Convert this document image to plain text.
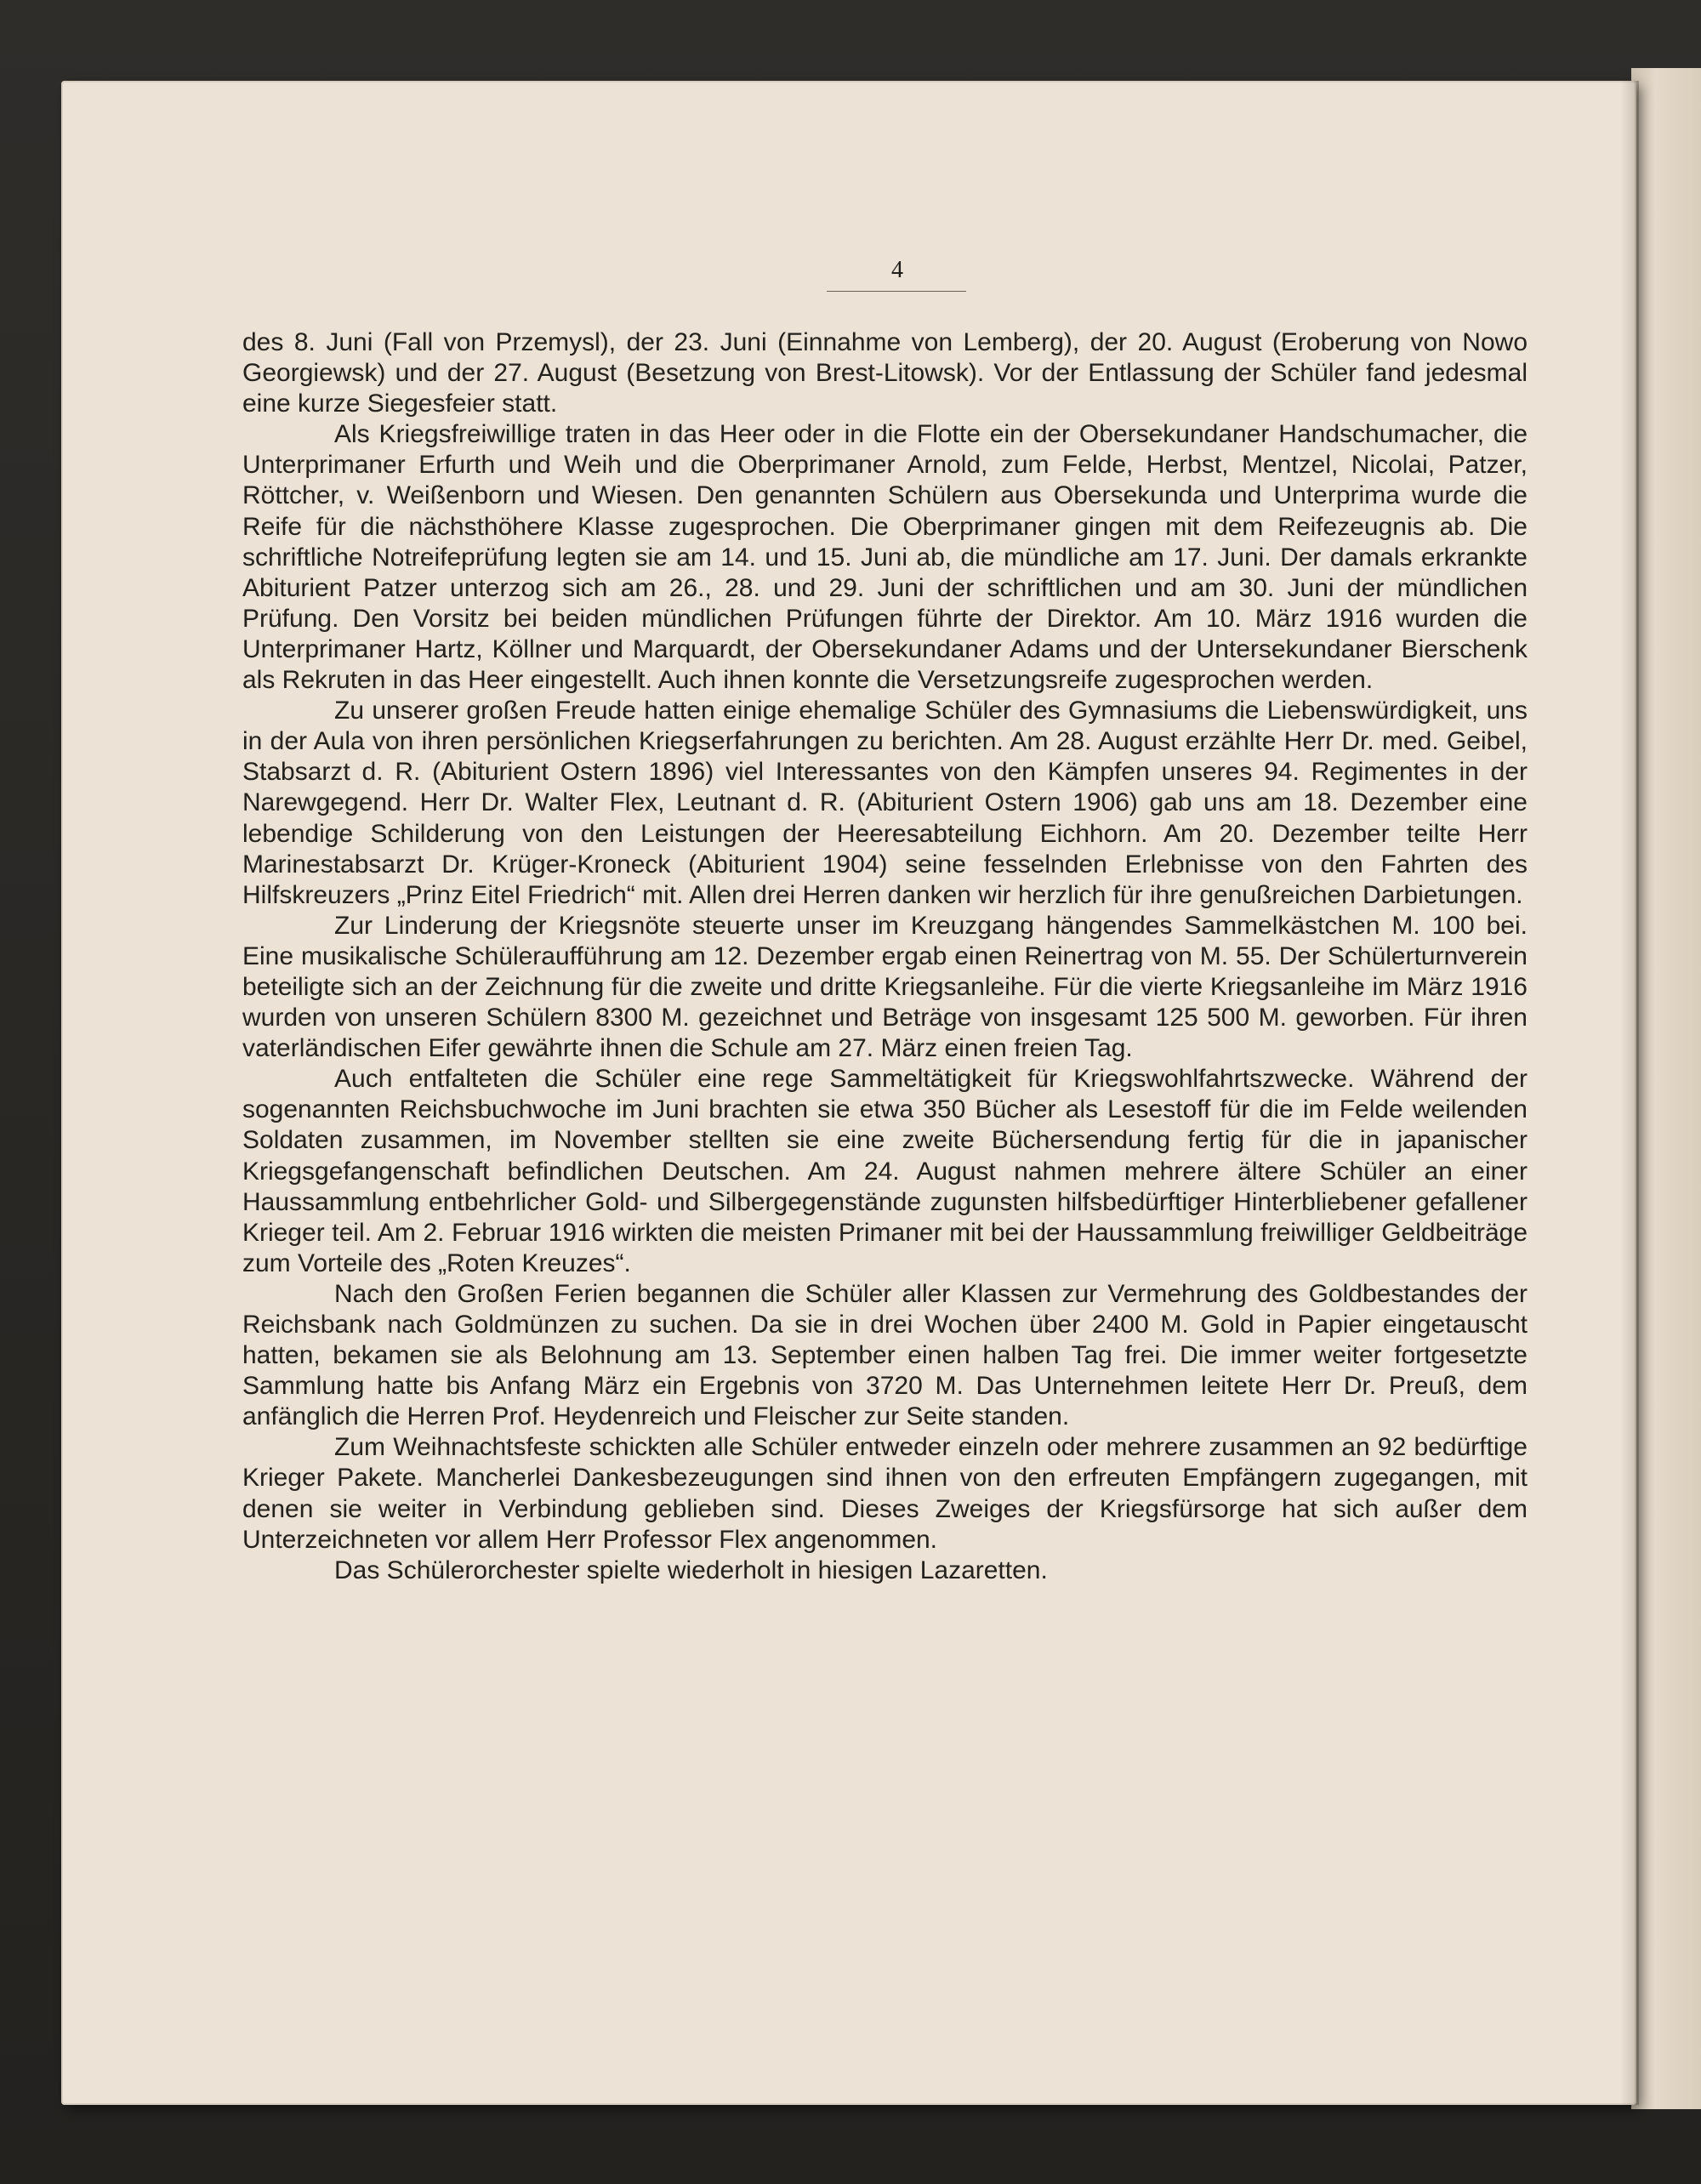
4

des 8. Juni (Fall von Przemysl), der 23. Juni (Einnahme von Lemberg), der 20. August (Eroberung von Nowo Georgiewsk) und der 27. August (Besetzung von Brest-Litowsk). Vor der Entlassung der Schüler fand jedesmal eine kurze Siegesfeier statt.

Als Kriegsfreiwillige traten in das Heer oder in die Flotte ein der Obersekundaner Handschumacher, die Unterprimaner Erfurth und Weih und die Oberprimaner Arnold, zum Felde, Herbst, Mentzel, Nicolai, Patzer, Röttcher, v. Weißenborn und Wiesen. Den genannten Schülern aus Obersekunda und Unterprima wurde die Reife für die nächsthöhere Klasse zugesprochen. Die Oberprimaner gingen mit dem Reifezeugnis ab. Die schriftliche Notreifeprüfung legten sie am 14. und 15. Juni ab, die mündliche am 17. Juni. Der damals erkrankte Abiturient Patzer unterzog sich am 26., 28. und 29. Juni der schriftlichen und am 30. Juni der mündlichen Prüfung. Den Vorsitz bei beiden mündlichen Prüfungen führte der Direktor. Am 10. März 1916 wurden die Unterprimaner Hartz, Köllner und Marquardt, der Obersekundaner Adams und der Untersekundaner Bierschenk als Rekruten in das Heer eingestellt. Auch ihnen konnte die Versetzungsreife zugesprochen werden.

Zu unserer großen Freude hatten einige ehemalige Schüler des Gymnasiums die Liebenswürdigkeit, uns in der Aula von ihren persönlichen Kriegserfahrungen zu berichten. Am 28. August erzählte Herr Dr. med. Geibel, Stabsarzt d. R. (Abiturient Ostern 1896) viel Interessantes von den Kämpfen unseres 94. Regimentes in der Narewgegend. Herr Dr. Walter Flex, Leutnant d. R. (Abiturient Ostern 1906) gab uns am 18. Dezember eine lebendige Schilderung von den Leistungen der Heeresabteilung Eichhorn. Am 20. Dezember teilte Herr Marinestabsarzt Dr. Krüger-Kroneck (Abiturient 1904) seine fesselnden Erlebnisse von den Fahrten des Hilfskreuzers „Prinz Eitel Friedrich“ mit. Allen drei Herren danken wir herzlich für ihre genußreichen Darbietungen.

Zur Linderung der Kriegsnöte steuerte unser im Kreuzgang hängendes Sammelkästchen M. 100 bei. Eine musikalische Schüleraufführung am 12. Dezember ergab einen Reinertrag von M. 55. Der Schülerturnverein beteiligte sich an der Zeichnung für die zweite und dritte Kriegsanleihe. Für die vierte Kriegsanleihe im März 1916 wurden von unseren Schülern 8300 M. gezeichnet und Beträge von insgesamt 125 500 M. geworben. Für ihren vaterländischen Eifer gewährte ihnen die Schule am 27. März einen freien Tag.

Auch entfalteten die Schüler eine rege Sammeltätigkeit für Kriegswohlfahrtszwecke. Während der sogenannten Reichsbuchwoche im Juni brachten sie etwa 350 Bücher als Lesestoff für die im Felde weilenden Soldaten zusammen, im November stellten sie eine zweite Büchersendung fertig für die in japanischer Kriegsgefangenschaft befindlichen Deutschen. Am 24. August nahmen mehrere ältere Schüler an einer Haussammlung entbehrlicher Gold- und Silbergegenstände zugunsten hilfsbedürftiger Hinterbliebener gefallener Krieger teil. Am 2. Februar 1916 wirkten die meisten Primaner mit bei der Haussammlung freiwilliger Geldbeiträge zum Vorteile des „Roten Kreuzes“.

Nach den Großen Ferien begannen die Schüler aller Klassen zur Vermehrung des Goldbestandes der Reichsbank nach Goldmünzen zu suchen. Da sie in drei Wochen über 2400 M. Gold in Papier eingetauscht hatten, bekamen sie als Belohnung am 13. September einen halben Tag frei. Die immer weiter fortgesetzte Sammlung hatte bis Anfang März ein Ergebnis von 3720 M. Das Unternehmen leitete Herr Dr. Preuß, dem anfänglich die Herren Prof. Heydenreich und Fleischer zur Seite standen.

Zum Weihnachtsfeste schickten alle Schüler entweder einzeln oder mehrere zusammen an 92 bedürftige Krieger Pakete. Mancherlei Dankesbezeugungen sind ihnen von den erfreuten Empfängern zugegangen, mit denen sie weiter in Verbindung geblieben sind. Dieses Zweiges der Kriegsfürsorge hat sich außer dem Unterzeichneten vor allem Herr Professor Flex angenommen.

Das Schülerorchester spielte wiederholt in hiesigen Lazaretten.
